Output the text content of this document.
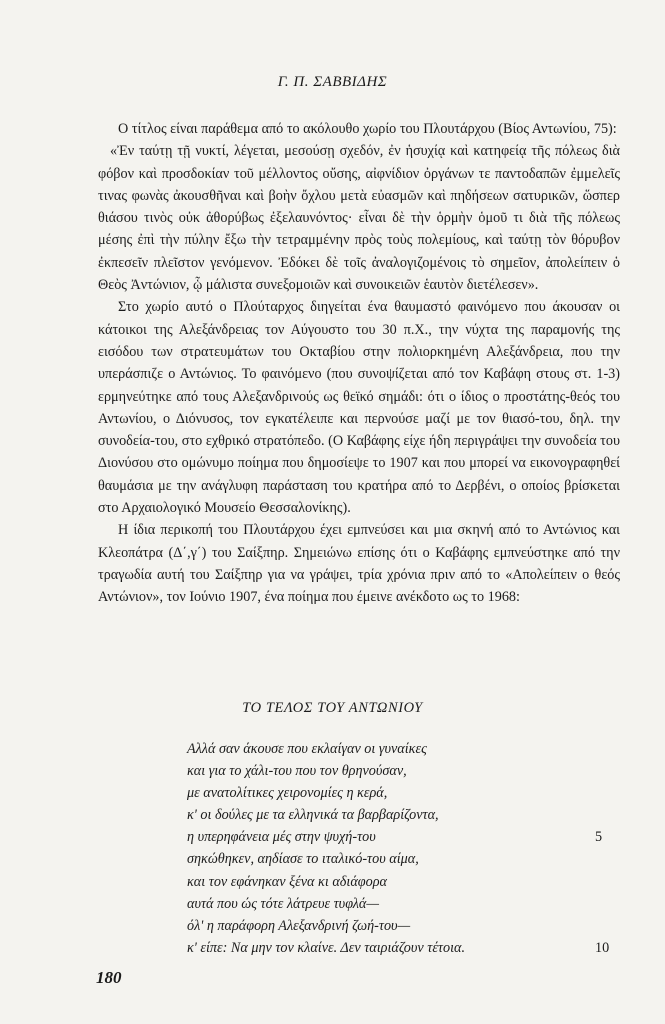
Γ. Π. ΣΑΒΒΙΔΗΣ

Ο τίτλος είναι παράθεμα από το ακόλουθο χωρίο του Πλουτάρχου (Βίος Αντωνίου, 75):

«Ἐν ταύτῃ τῇ νυκτί, λέγεται, μεσούσῃ σχεδόν, ἐν ἡσυχίᾳ καὶ κατηφείᾳ τῆς πόλεως διὰ φόβον καὶ προσδοκίαν τοῦ μέλλοντος οὔσης, αἰφνίδιον ὀργάνων τε παντοδαπῶν ἐμμελεῖς τινας φωνὰς ἀκουσθῆναι καὶ βοὴν ὄχλου μετὰ εὐασμῶν καὶ πηδήσεων σατυρικῶν, ὥσπερ θιάσου τινὸς οὐκ ἀθορύβως ἐξελαυνόντος· εἶναι δὲ τὴν ὁρμὴν ὁμοῦ τι διὰ τῆς πόλεως μέσης ἐπὶ τὴν πύλην ἔξω τὴν τετραμμένην πρὸς τοὺς πολεμίους, καὶ ταύτῃ τὸν θόρυβον ἐκπεσεῖν πλεῖστον γενόμενον. Ἐδόκει δὲ τοῖς ἀναλογιζομένοις τὸ σημεῖον, ἀπολείπειν ὁ Θεὸς Ἀντώνιον, ᾧ μάλιστα συνεξομοιῶν καὶ συνοικειῶν ἑαυτὸν διετέλεσεν».

Στο χωρίο αυτό ο Πλούταρχος διηγείται ένα θαυμαστό φαινόμενο που άκουσαν οι κάτοικοι της Αλεξάνδρειας τον Αύγουστο του 30 π.Χ., την νύχτα της παραμονής της εισόδου των στρατευμάτων του Οκταβίου στην πολιορκημένη Αλεξάνδρεια, που την υπεράσπιζε ο Αντώνιος. Το φαινόμενο (που συνοψίζεται από τον Καβάφη στους στ. 1-3) ερμηνεύτηκε από τους Αλεξανδρινούς ως θεϊκό σημάδι: ότι ο ίδιος ο προστάτης-θεός του Αντωνίου, ο Διόνυσος, τον εγκατέλειπε και περνούσε μαζί με τον θιασό-του, δηλ. την συνοδεία-του, στο εχθρικό στρατόπεδο. (Ο Καβάφης είχε ήδη περιγράψει την συνοδεία του Διονύσου στο ομώνυμο ποίημα που δημοσίεψε το 1907 και που μπορεί να εικονογραφηθεί θαυμάσια με την ανάγλυφη παράσταση του κρατήρα από το Δερβένι, ο οποίος βρίσκεται στο Αρχαιολογικό Μουσείο Θεσσαλονίκης).

Η ίδια περικοπή του Πλουτάρχου έχει εμπνεύσει και μια σκηνή από το Αντώνιος και Κλεοπάτρα (Δ΄,γ΄) του Σαίξπηρ. Σημειώνω επίσης ότι ο Καβάφης εμπνεύστηκε από την τραγωδία αυτή του Σαίξπηρ για να γράψει, τρία χρόνια πριν από το «Απολείπειν ο θεός Αντώνιον», τον Ιούνιο 1907, ένα ποίημα που έμεινε ανέκδοτο ως το 1968:

ΤΟ ΤΕΛΟΣ ΤΟΥ ΑΝΤΩΝΙΟΥ
Αλλά σαν άκουσε που εκλαίγαν οι γυναίκες
και για το χάλι-του που τον θρηνούσαν,
με ανατολίτικες χειρονομίες η κερά,
κ' οι δούλες με τα ελληνικά τα βαρβαρίζοντα,
η υπερηφάνεια μές στην ψυχή-του	5
σηκώθηκεν, αηδίασε το ιταλικό-του αίμα,
και τον εφάνηκαν ξένα κι αδιάφορα
αυτά που ώς τότε λάτρευε τυφλά—
όλ' η παράφορη Αλεξανδρινή ζωή-του—
κ' είπε: Να μην τον κλαίνε. Δεν ταιριάζουν τέτοια.	10
180
